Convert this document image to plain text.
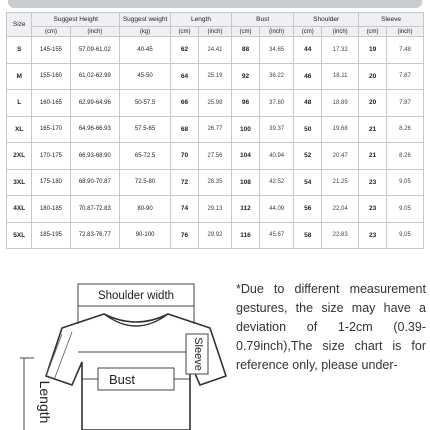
Size	Suggest Height		Suggest weight	Length		Bust		Shoulder		Sleeve	
	(cm)	(inch)	(kg)	(cm)	(inch)	(cm)	(inch)	(cm)	(inch)	(cm)	(inch)
S	145-155	57.09-61.02	40-45	62	24.41	88	34.65	44	17.32	19	7.48
M	155-160	61.02-62.99	45-50	64	25.19	92	36.22	46	18.11	20	7.87
L	160-165	62.99-64.96	50-57.5	66	25.98	96	37.80	48	18.89	20	7.87
XL	165-170	64.96-66.93	57.5-65	68	26.77	100	39.37	50	19.68	21	8.26
2XL	170-175	66.93-68.90	65-72.5	70	27.56	104	40.94	52	20.47	21	8.26
3XL	175-180	68.90-70.87	72.5-80	72	28.35	108	42.52	54	21.25	23	9.05
4XL	180-185	70.87-72.83	80-90	74	29.13	112	44.09	56	22.04	23	9.05
5XL	185-195	72.83-76.77	90-100	76	29.92	116	45.67	58	22.83	23	9.05
Shoulder width
Bust
Sleeve
Length
*Due to different measurement gestures, the size may have a deviation of 1-2cm (0.39-0.79inch),The size chart is for reference only, please under-
